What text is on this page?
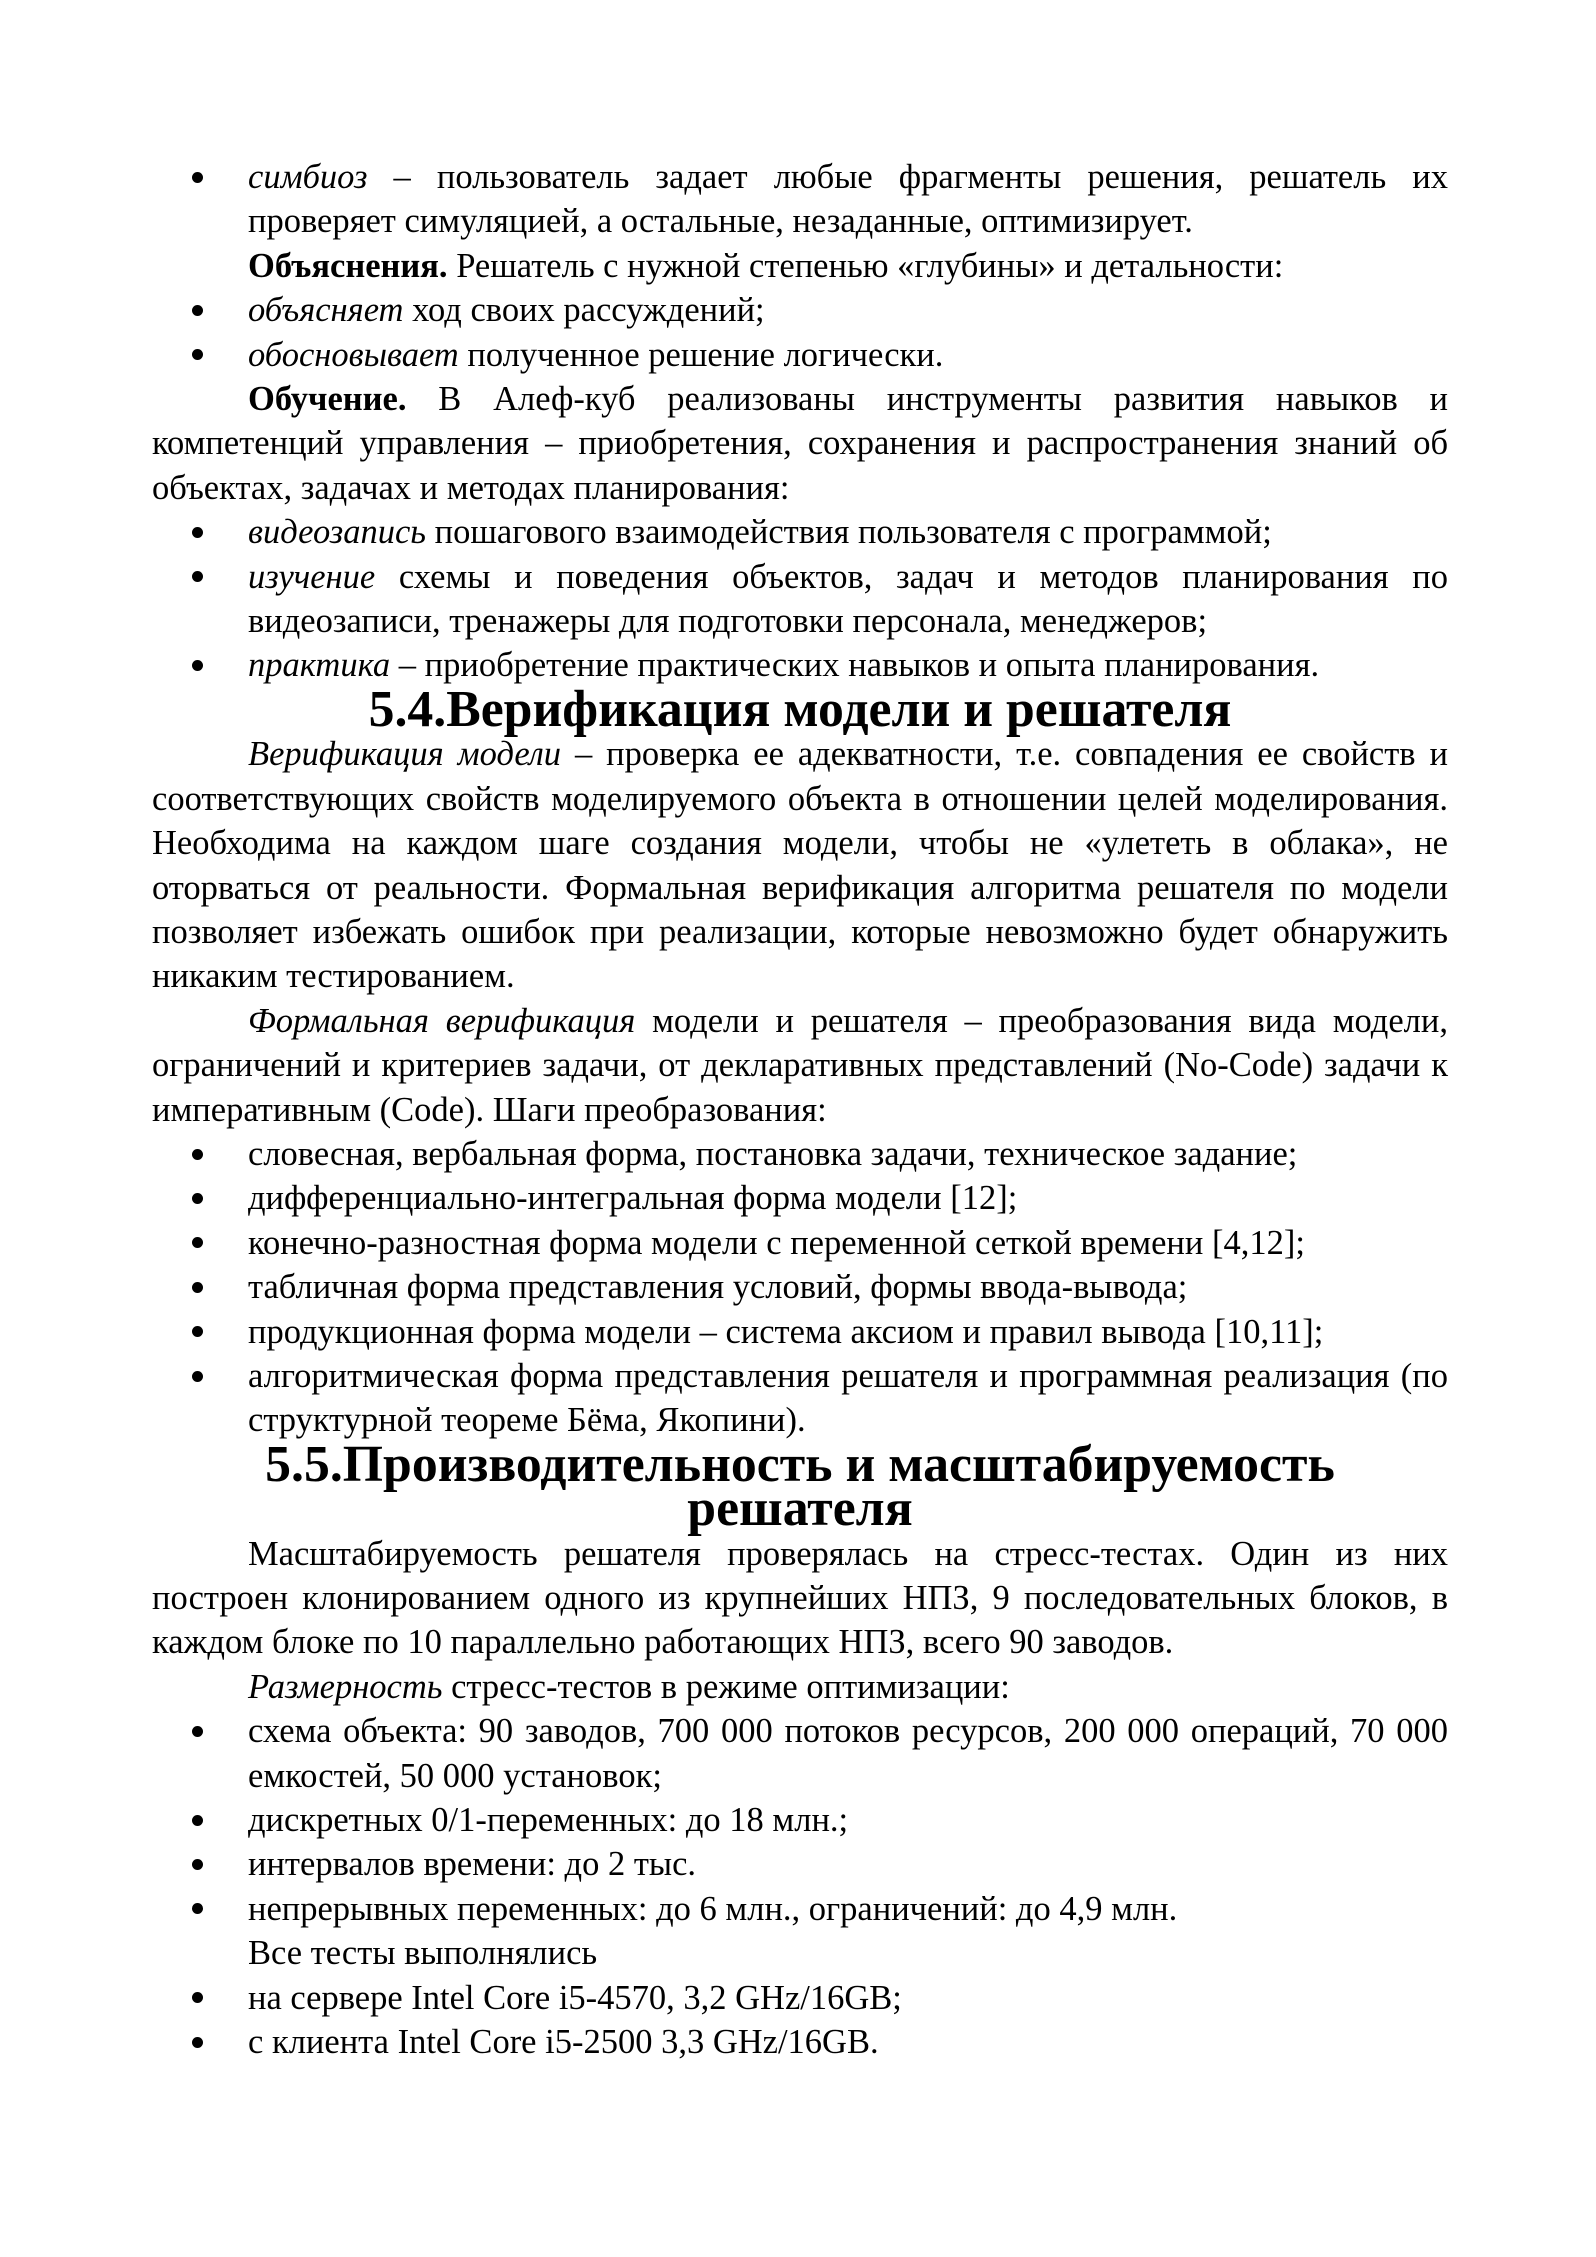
симбиоз – пользователь задает любые фрагменты решения, решатель их проверяет симуляцией, а остальные, незаданные, оптимизирует.

Объяснения. Решатель с нужной степенью «глубины» и детальности:

объясняет ход своих рассуждений;
обосновывает полученное решение логически.

Обучение. В Алеф-куб реализованы инструменты развития навыков и компетенций управления – приобретения, сохранения и распространения знаний об объектах, задачах и методах планирования:

видеозапись пошагового взаимодействия пользователя с программой;
изучение схемы и поведения объектов, задач и методов планирования по видеозаписи, тренажеры для подготовки персонала, менеджеров;
практика – приобретение практических навыков и опыта планирования.
5.4.Верификация модели и решателя

Верификация модели – проверка ее адекватности, т.е. совпадения ее свойств и соответствующих свойств моделируемого объекта в отношении целей моделирования. Необходима на каждом шаге создания модели, чтобы не «улететь в облака», не оторваться от реальности. Формальная верификация алгоритма решателя по модели позволяет избежать ошибок при реализации, которые невозможно будет обнаружить никаким тестированием.

Формальная верификация модели и решателя – преобразования вида модели, ограничений и критериев задачи, от декларативных представлений (No-Code) задачи к императивным (Code). Шаги преобразования:

словесная, вербальная форма, постановка задачи, техническое задание;
дифференциально-интегральная форма модели [12];
конечно-разностная форма модели с переменной сеткой времени [4,12];
табличная форма представления условий, формы ввода-вывода;
продукционная форма модели – система аксиом и правил вывода [10,11];
алгоритмическая форма представления решателя и программная реализация (по структурной теореме Бёма, Якопини).
5.5.Производительность и масштабируемость решателя

Масштабируемость решателя проверялась на стресс-тестах. Один из них построен клонированием одного из крупнейших НПЗ, 9 последовательных блоков, в каждом блоке по 10 параллельно работающих НПЗ, всего 90 заводов.

Размерность стресс-тестов в режиме оптимизации:

схема объекта: 90 заводов, 700 000 потоков ресурсов, 200 000 операций, 70 000 емкостей, 50 000 установок;
дискретных 0/1-переменных: до 18 млн.;
интервалов времени: до 2 тыс.
непрерывных переменных: до 6 млн., ограничений: до 4,9 млн.

Все тесты выполнялись

на сервере Intel Core i5-4570, 3,2 GHz/16GB;
с клиента Intel Core i5-2500 3,3 GHz/16GB.
